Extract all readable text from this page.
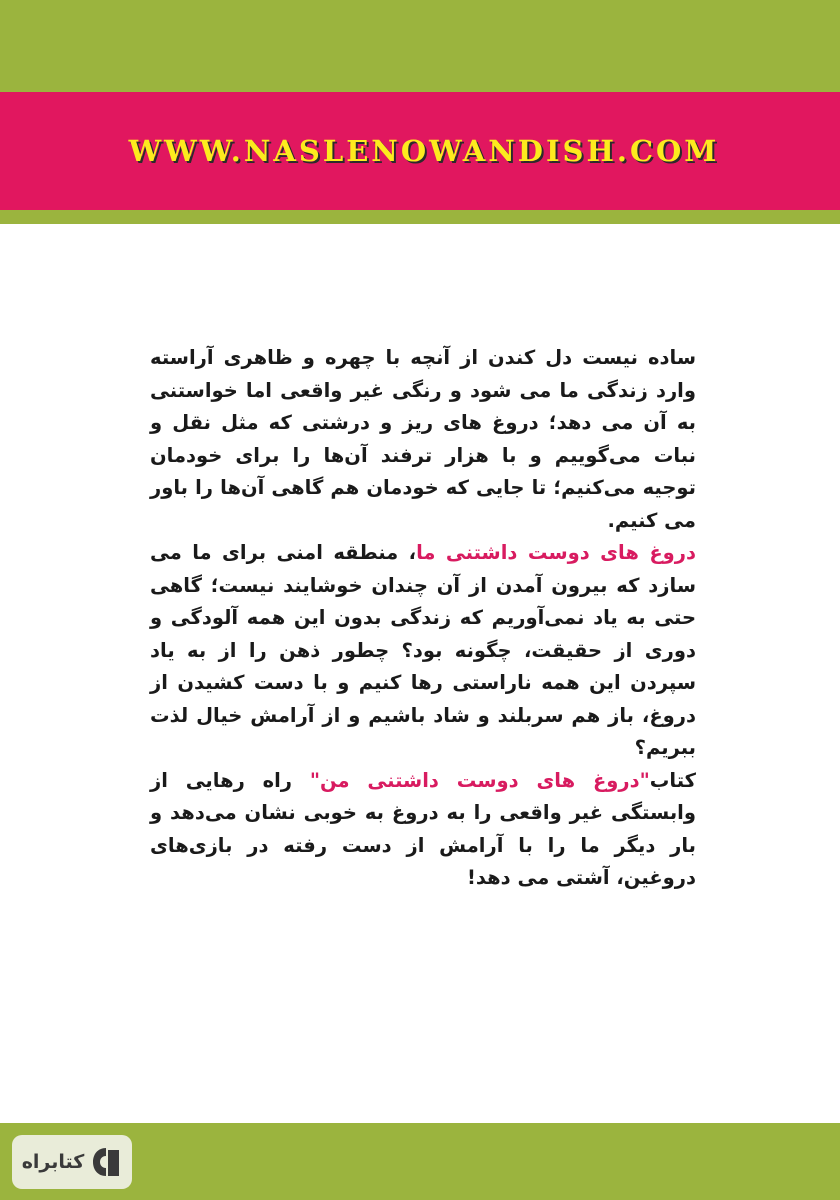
WWW.NASLENOWANDISH.COM

ساده نیست دل کندن از آنچه با چهره و ظاهری آراسته وارد زندگی ما می شود و رنگی غیر واقعی اما خواستنی به آن می دهد؛ دروغ های ریز و درشتی که مثل نقل و نبات می‌گوییم و با هزار ترفند آن‌ها را برای خودمان توجیه می‌کنیم؛ تا جایی که خودمان هم گاهی آن‌ها را باور می کنیم.

دروغ های دوست داشتنی ما، منطقه امنی برای ما می سازد که بیرون آمدن از آن چندان خوشایند نیست؛ گاهی حتی به یاد نمی‌آوریم که زندگی بدون این همه آلودگی و دوری از حقیقت، چگونه بود؟ چطور ذهن را از به یاد سپردن این همه ناراستی رها کنیم و با دست کشیدن از دروغ، باز هم سربلند و شاد باشیم و از آرامش خیال لذت ببریم؟

کتاب"دروغ های دوست داشتنی من" راه رهایی از وابستگی غیر واقعی را به دروغ به خوبی نشان می‌دهد و بار دیگر ما را با آرامش از دست رفته در بازی‌های دروغین، آشتی می دهد!

کتابراه
